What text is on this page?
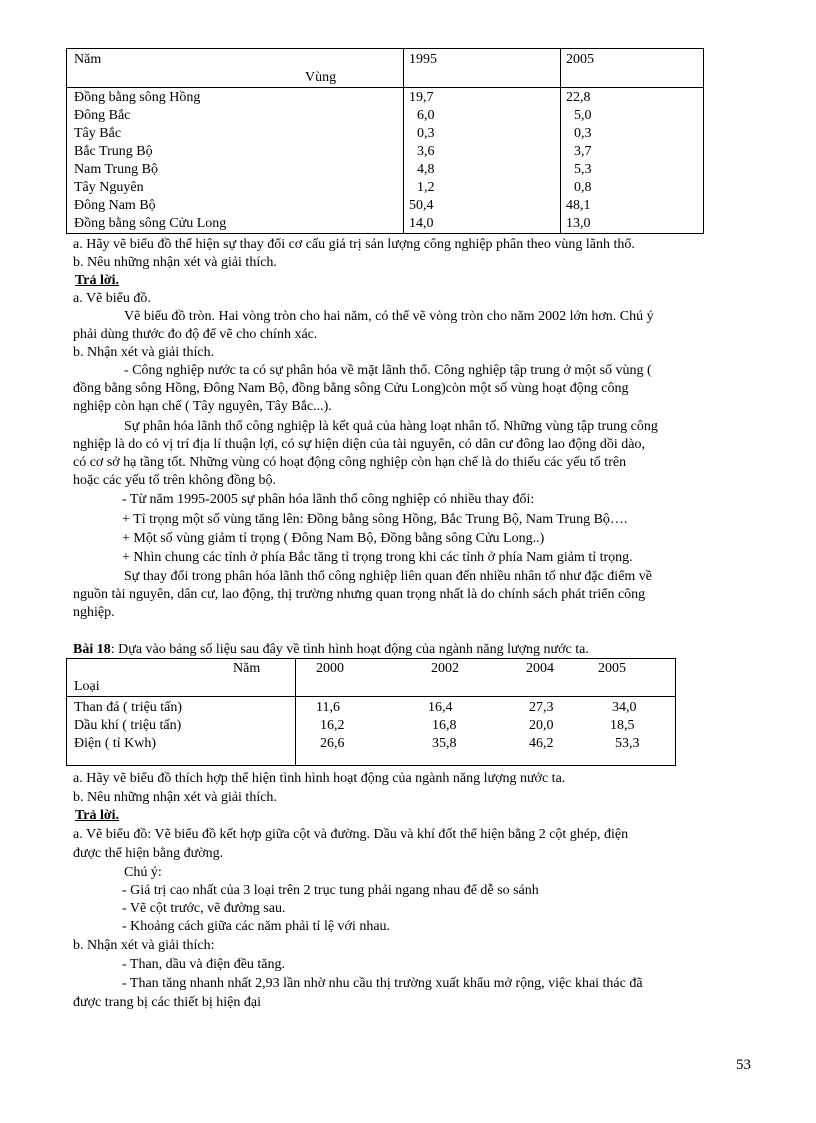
Năm
Vùng
1995	2005
Đồng bằng sông Hồng	19,7	22,8
Đông Bắc	6,0	5,0
Tây Bắc	0,3	0,3
Bắc Trung Bộ	3,6	3,7
Nam Trung Bộ	4,8	5,3
Tây Nguyên	1,2	0,8
Đông Nam Bộ	50,4	48,1
Đồng bằng sông Cửu Long	14,0	13,0
a. Hãy vẽ biểu đồ thể hiện sự thay đổi cơ cấu giá trị sản lượng công nghiệp phân theo vùng lãnh thổ.
b. Nêu những nhận xét và giải thích.
Trả lời.
a. Vẽ biểu đồ.
Vẽ biểu đồ tròn. Hai vòng tròn cho hai năm, có thể vẽ vòng tròn cho năm 2002 lớn hơn. Chú ý
phải dùng thước đo độ để vẽ cho chính xác.
b. Nhận xét và giải thích.
- Công nghiệp nước ta có sự phân hóa về mặt lãnh thổ. Công nghiệp tập trung ở một số vùng (
đồng bằng sông Hồng, Đông Nam Bộ, đồng bằng sông Cửu Long)còn một số vùng hoạt động công
nghiệp còn hạn chế ( Tây nguyên, Tây Bắc...).
Sự phân hóa lãnh thổ công nghiệp là kết quả của hàng loạt nhân tố. Những vùng tập trung công
nghiệp là do có vị trí địa lí thuận lợi, có sự hiện diện của tài nguyên, có dân cư đông lao động dồi dào,
có cơ sở hạ tầng tốt. Những vùng có hoạt động công nghiệp còn hạn chế là do thiếu các yếu tố trên
hoặc các yếu tố trên không đồng bộ.
- Từ năm 1995-2005 sự phân hóa lãnh thổ công nghiệp có nhiều thay đổi:
+ Tỉ trọng một số vùng tăng lên: Đồng bằng sông Hồng, Bắc Trung Bộ, Nam Trung Bộ….
+ Một số vùng giảm tỉ trọng ( Đông Nam Bộ, Đồng bằng sông Cửu Long..)
+ Nhìn chung các tỉnh ở phía Bắc tăng tỉ trọng trong khi các tỉnh ở phía Nam giảm tỉ trọng.
Sự thay đổi trong phân hóa lãnh thổ công nghiệp liên quan đến nhiều nhân tố như đặc điểm về
nguồn tài nguyên, dân cư, lao động, thị trường nhưng quan trọng nhất là do chính sách phát triển công
nghiệp.
Bài 18: Dựa vào bảng số liệu sau đây về tình hình hoạt động của ngành năng lượng nước ta.
Năm
Loại
2000	2002	2004	2005
Than đá ( triệu tấn)	11,6	16,4	27,3	34,0
Dầu khí ( triệu tấn)	16,2	16,8	20,0	18,5
Điện ( tỉ Kwh)	26,6	35,8	46,2	53,3
a. Hãy vẽ biểu đồ thích hợp thể hiện tình hình hoạt động của ngành năng lượng nước ta.
b. Nêu những nhận xét và giải thích.
Trả lời.
a. Vẽ biểu đồ: Vẽ biểu đồ kết hợp giữa cột và đường. Dầu và khí đốt thể hiện bằng 2 cột ghép, điện
được thể hiện bằng đường.
Chú ý:
- Giá trị cao nhất của 3 loại trên 2 trục tung phải ngang nhau để dễ so sánh
- Vẽ cột trước, vẽ đường sau.
- Khoảng cách giữa các năm phải tỉ lệ với nhau.
b. Nhận xét và giải thích:
- Than, dầu và điện đều tăng.
- Than tăng nhanh nhất 2,93 lần nhờ nhu cầu thị trường xuất khẩu mở rộng, việc khai thác đã
được trang bị các thiết bị hiện đại
53
